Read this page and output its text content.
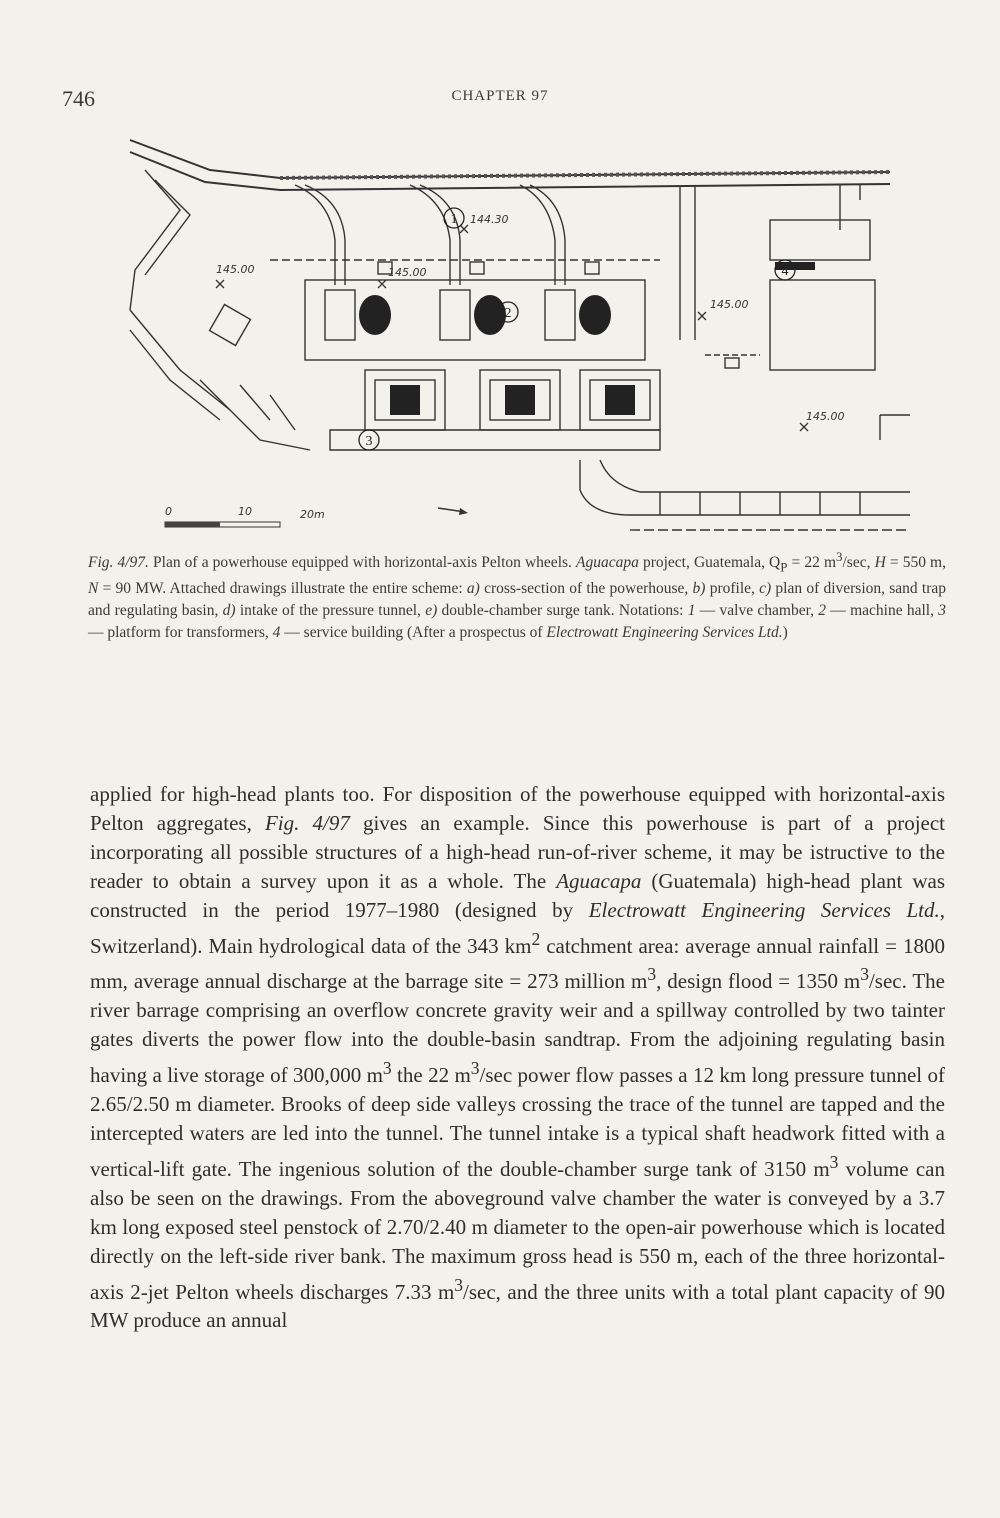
746	CHAPTER 97
1
2
3
4
145.00	145.00
144.30
145.00
145.00
0	10	20m
Fig. 4/97. Plan of a powerhouse equipped with horizontal-axis Pelton wheels. Aguacapa project, Guatemala, $Q_P = 22$ $m^3/\sec$, H = 550 m, N = 90 MW. Attached drawings illustrate the entire scheme: a) cross-section of the powerhouse, b) profile, c) plan of diversion, sand trap and regulating basin, d) intake of the pressure tunnel, e) double-chamber surge tank. Notations: 1 — valve chamber, 2 — machine hall, 3 — platform for transformers, 4 — service building (After a prospectus of Electrowatt Engineering Services Ltd.)

applied for high-head plants too. For disposition of the powerhouse equipped with horizontal-axis Pelton aggregates, Fig. 4/97 gives an example. Since this powerhouse is part of a project incorporating all possible structures of a high-head run-of-river scheme, it may be istructive to the reader to obtain a survey upon it as a whole. The Aguacapa (Guatemala) high-head plant was constructed in the period 1977–1980 (designed by Electrowatt Engineering Services Ltd., Switzerland). Main hydrological data of the 343 $km^2$ catchment area: average annual rainfall = 1800 mm, average annual discharge at the barrage site = 273 million $m^3$, design flood = 1350 $m^3/\sec$. The river barrage comprising an overflow concrete gravity weir and a spillway controlled by two tainter gates diverts the power flow into the double-basin sandtrap. From the adjoining regulating basin having a live storage of 300,000 $m^3$ the 22 $m^3/\sec$ power flow passes a 12 km long pressure tunnel of 2.65/2.50 m diameter. Brooks of deep side valleys crossing the trace of the tunnel are tapped and the intercepted waters are led into the tunnel. The tunnel intake is a typical shaft headwork fitted with a vertical-lift gate. The ingenious solution of the double-chamber surge tank of 3150 $m^3$ volume can also be seen on the drawings. From the aboveground valve chamber the water is conveyed by a 3.7 km long exposed steel penstock of 2.70/2.40 m diameter to the open-air powerhouse which is located directly on the left-side river bank. The maximum gross head is 550 m, each of the three horizontal-axis 2-jet Pelton wheels discharges 7.33 $m^3/\sec$, and the three units with a total plant capacity of 90 MW produce an annual
